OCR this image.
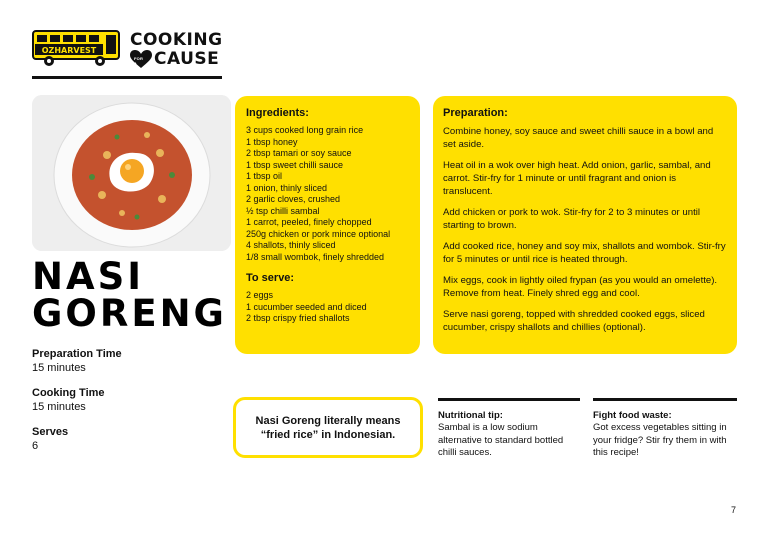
OZHARVEST
COOKING
FOR A CAUSE
NASI
GORENG
Preparation Time
15 minutes
Cooking Time
15 minutes
Serves
6
Ingredients:
3 cups cooked long grain rice
1 tbsp honey
2 tbsp tamari or soy sauce
1 tbsp sweet chilli sauce
1 tbsp oil
1 onion, thinly sliced
2 garlic cloves, crushed
½ tsp chilli sambal
1 carrot, peeled, finely chopped
250g chicken or pork mince optional
4 shallots, thinly sliced
1/8 small wombok, finely shredded
To serve:
2 eggs
1 cucumber seeded and diced
2 tbsp crispy fried shallots
Preparation:
Combine honey, soy sauce and sweet chilli sauce in a bowl and set aside.
Heat oil in a wok over high heat. Add onion, garlic, sambal, and carrot. Stir-fry for 1 minute or until fragrant and onion is translucent.
Add chicken or pork to wok. Stir-fry for 2 to 3 minutes or until starting to brown.
Add cooked rice, honey and soy mix, shallots and wombok. Stir-fry for 5 minutes or until rice is heated through.
Mix eggs, cook in lightly oiled frypan (as you would an omelette). Remove from heat. Finely shred egg and cool.
Serve nasi goreng, topped with shredded cooked eggs, sliced cucumber, crispy shallots and chillies (optional).
Nasi Goreng literally means “fried rice” in Indonesian.
Nutritional tip:
Sambal is a low sodium alternative to standard bottled chilli sauces.
Fight food waste:
Got excess vegetables sitting in your fridge? Stir fry them in with this recipe!
7
